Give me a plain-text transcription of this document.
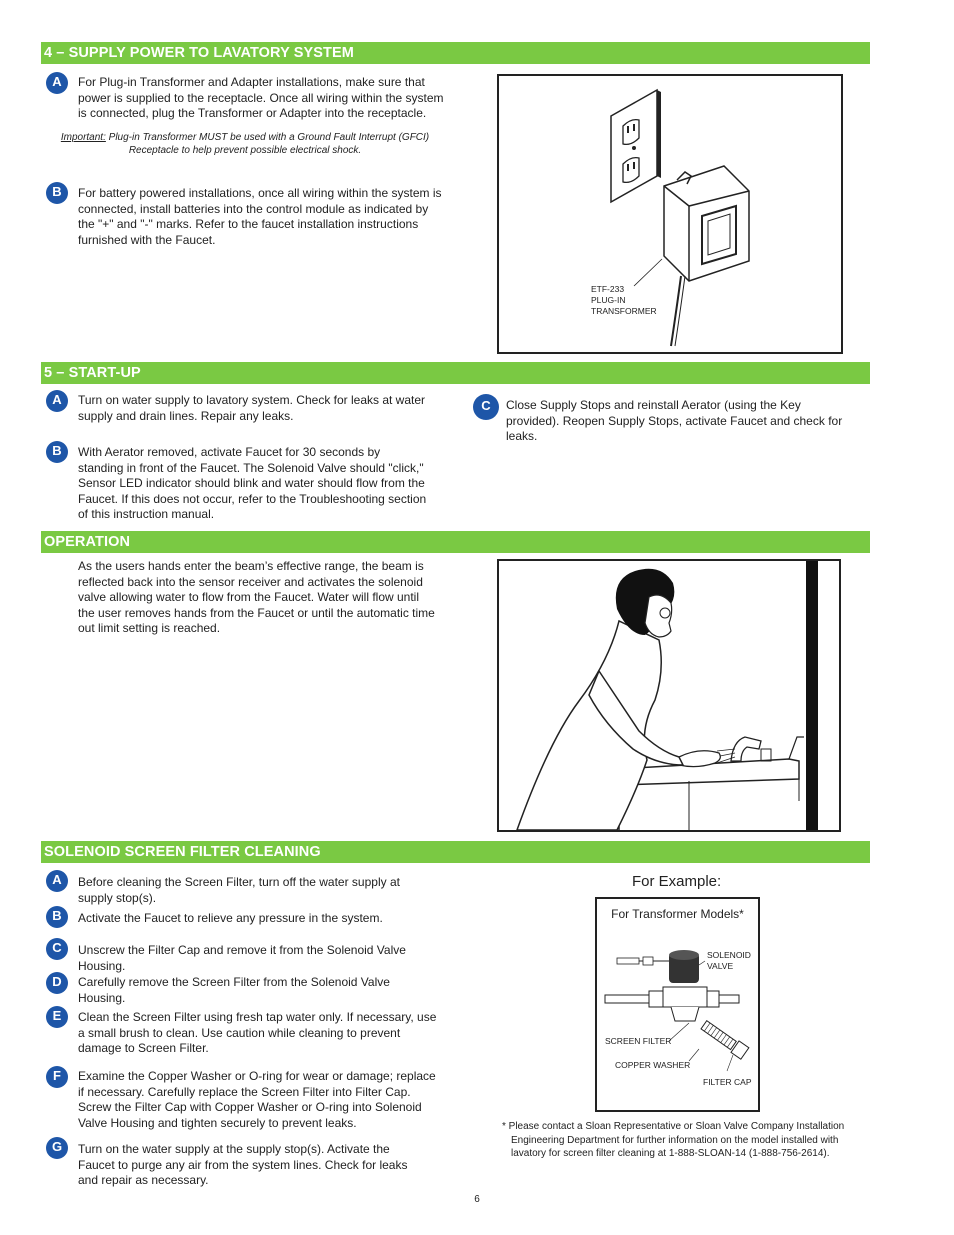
4 – SUPPLY POWER TO LAVATORY SYSTEM
A	For Plug-in Transformer and Adapter installations, make sure that power is supplied to the receptacle. Once all wiring within the system is connected, plug the Transformer or Adapter into the receptacle.
Important: Plug-in Transformer MUST be used with a Ground Fault Interrupt (GFCI) Receptacle to help prevent possible electrical shock.
B	For battery powered installations, once all wiring within the system is connected, install batteries into the control module as indicated by the "+" and "-" marks. Refer to the faucet installation instructions furnished with the Faucet.
ETF-233
PLUG-IN
TRANSFORMER
5 – START-UP
A	Turn on water supply to lavatory system. Check for leaks at water supply and drain lines. Repair any leaks.
B	With Aerator removed, activate Faucet for 30 seconds by standing in front of the Faucet. The Solenoid Valve should "click," Sensor LED indicator should blink and water should flow from the Faucet. If this does not occur, refer to the Troubleshooting section of this instruction manual.
C	Close Supply Stops and reinstall Aerator (using the Key provided). Reopen Supply Stops, activate Faucet and check for leaks.
OPERATION
As the users hands enter the beam’s effective range, the beam is reflected back into the sensor receiver and activates the solenoid valve allowing water to flow from the Faucet. Water will flow until the user removes hands from the Faucet or until the automatic time out limit setting is reached.
SOLENOID SCREEN FILTER CLEANING
A	Before cleaning the Screen Filter, turn off the water supply at supply stop(s).
B	Activate the Faucet to relieve any pressure in the system.
C	Unscrew the Filter Cap and remove it from the Solenoid Valve Housing.
D	Carefully remove the Screen Filter from the Solenoid Valve Housing.
E	Clean the Screen Filter using fresh tap water only. If necessary, use a small brush to clean. Use caution while cleaning to prevent damage to Screen Filter.
F	Examine the Copper Washer or O-ring for wear or damage; replace if necessary. Carefully replace the Screen Filter into Filter Cap. Screw the Filter Cap with Copper Washer or O-ring into Solenoid Valve Housing and tighten securely to prevent leaks.
G	Turn on the water supply at the supply stop(s). Activate the Faucet to purge any air from the system lines. Check for leaks and repair as necessary.
For Example:
For Transformer Models*
SOLENOID
VALVE
SCREEN FILTER
COPPER WASHER
FILTER CAP
* Please contact a Sloan Representative or Sloan Valve Company Installation Engineering Department for further information on the model installed with lavatory for screen filter cleaning at 1-888-SLOAN-14 (1-888-756-2614).
6
